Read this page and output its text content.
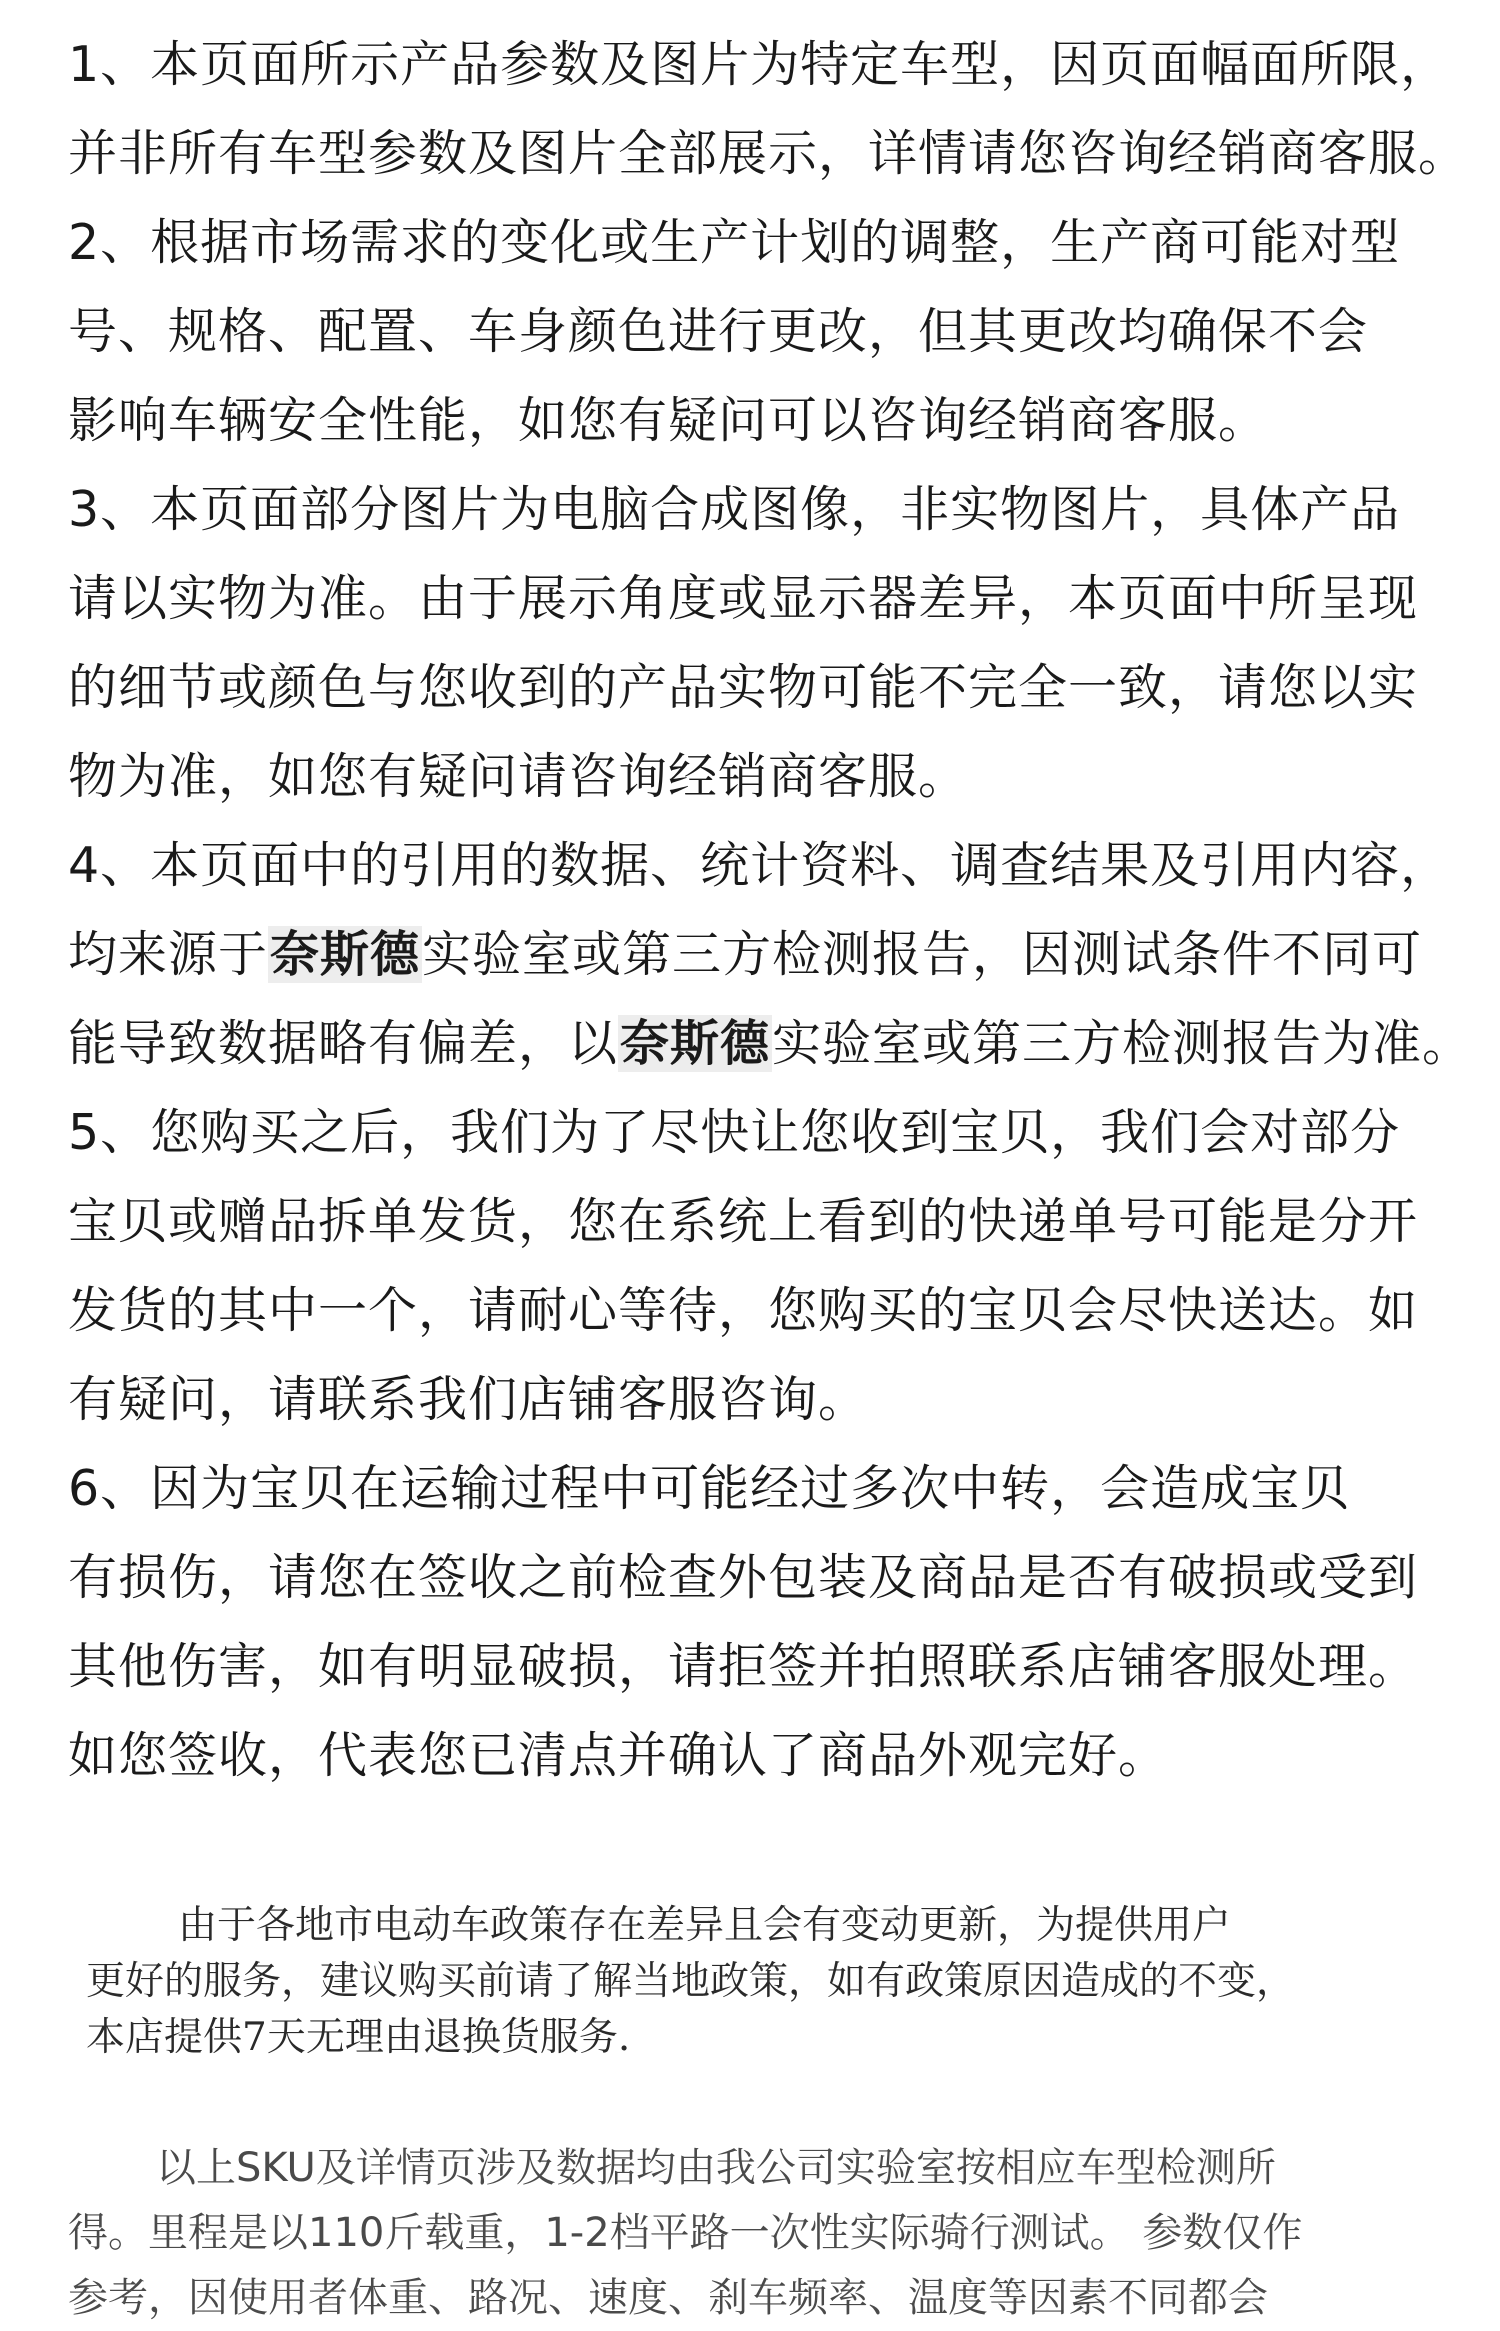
1、本页面所示产品参数及图片为特定车型，因页面幅面所限，
并非所有车型参数及图片全部展示，详情请您咨询经销商客服。
2、根据市场需求的变化或生产计划的调整，生产商可能对型
号、规格、配置、车身颜色进行更改，但其更改均确保不会
影响车辆安全性能，如您有疑问可以咨询经销商客服。
3、本页面部分图片为电脑合成图像，非实物图片，具体产品
请以实物为准。由于展示角度或显示器差异，本页面中所呈现
的细节或颜色与您收到的产品实物可能不完全一致，请您以实
物为准，如您有疑问请咨询经销商客服。
4、本页面中的引用的数据、统计资料、调查结果及引用内容，
均来源于奈斯德实验室或第三方检测报告，因测试条件不同可
能导致数据略有偏差，以奈斯德实验室或第三方检测报告为准。
5、您购买之后，我们为了尽快让您收到宝贝，我们会对部分
宝贝或赠品拆单发货，您在系统上看到的快递单号可能是分开
发货的其中一个，请耐心等待，您购买的宝贝会尽快送达。如
有疑问，请联系我们店铺客服咨询。
6、因为宝贝在运输过程中可能经过多次中转，会造成宝贝
有损伤，请您在签收之前检查外包装及商品是否有破损或受到
其他伤害，如有明显破损，请拒签并拍照联系店铺客服处理。
如您签收，代表您已清点并确认了商品外观完好。
由于各地市电动车政策存在差异且会有变动更新，为提供用户
更好的服务，建议购买前请了解当地政策，如有政策原因造成的不变，
本店提供7天无理由退换货服务.
以上SKU及详情页涉及数据均由我公司实验室按相应车型检测所
得。里程是以110斤载重，1-2档平路一次性实际骑行测试。 参数仅作
参考，因使用者体重、路况、速度、刹车频率、温度等因素不同都会
